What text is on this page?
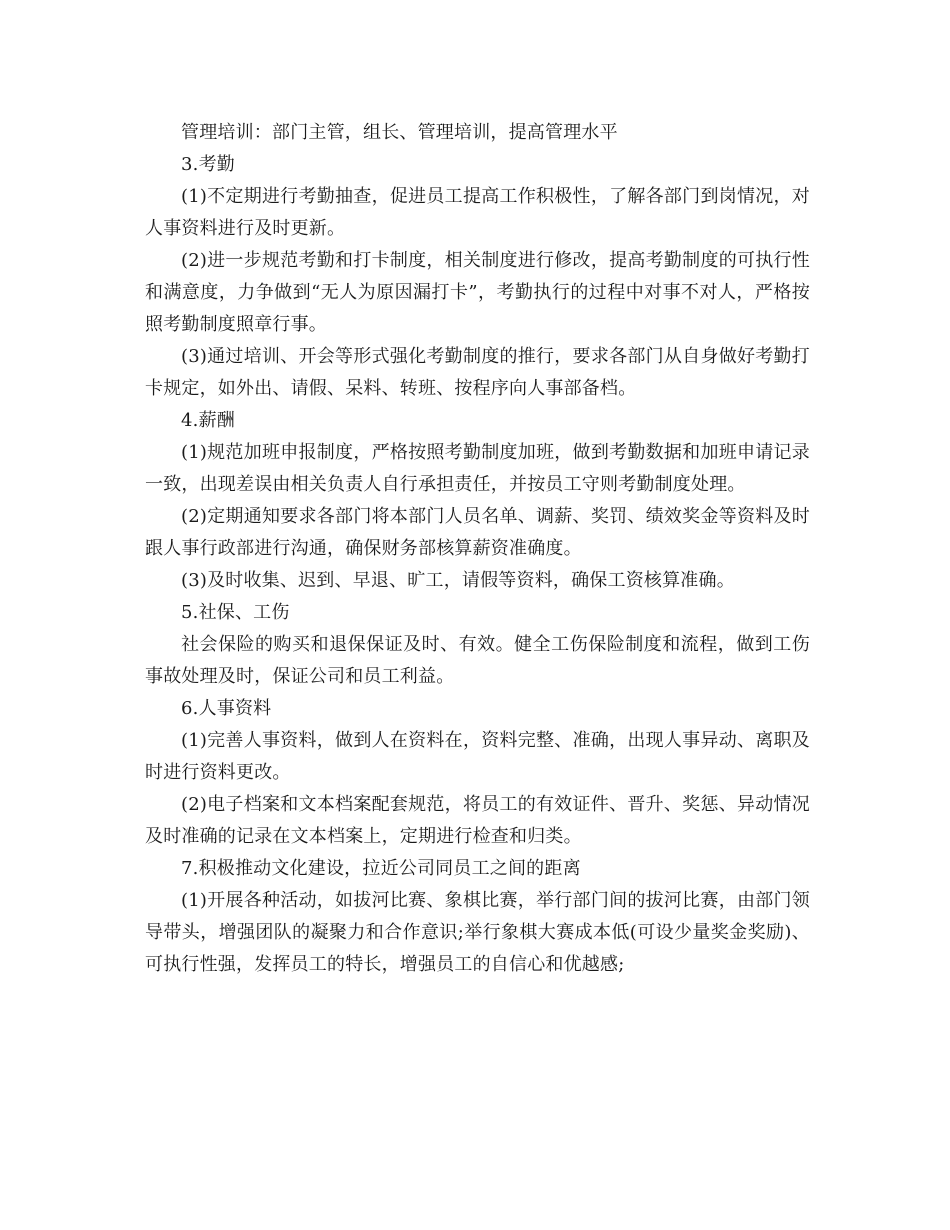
管理培训：部门主管，组长、管理培训，提高管理水平

3.考勤

(1)不定期进行考勤抽查，促进员工提高工作积极性，了解各部门到岗情况，对人事资料进行及时更新。

(2)进一步规范考勤和打卡制度，相关制度进行修改，提高考勤制度的可执行性和满意度，力争做到“无人为原因漏打卡”，考勤执行的过程中对事不对人，严格按照考勤制度照章行事。

(3)通过培训、开会等形式强化考勤制度的推行，要求各部门从自身做好考勤打卡规定，如外出、请假、呆料、转班、按程序向人事部备档。

4.薪酬

(1)规范加班申报制度，严格按照考勤制度加班，做到考勤数据和加班申请记录一致，出现差误由相关负责人自行承担责任，并按员工守则考勤制度处理。

(2)定期通知要求各部门将本部门人员名单、调薪、奖罚、绩效奖金等资料及时跟人事行政部进行沟通，确保财务部核算薪资准确度。

(3)及时收集、迟到、早退、旷工，请假等资料，确保工资核算准确。

5.社保、工伤

社会保险的购买和退保保证及时、有效。健全工伤保险制度和流程，做到工伤事故处理及时，保证公司和员工利益。

6.人事资料

(1)完善人事资料，做到人在资料在，资料完整、准确，出现人事异动、离职及时进行资料更改。

(2)电子档案和文本档案配套规范，将员工的有效证件、晋升、奖惩、异动情况及时准确的记录在文本档案上，定期进行检查和归类。

7.积极推动文化建设，拉近公司同员工之间的距离

(1)开展各种活动，如拔河比赛、象棋比赛，举行部门间的拔河比赛，由部门领导带头，增强团队的凝聚力和合作意识;举行象棋大赛成本低(可设少量奖金奖励)、可执行性强，发挥员工的特长，增强员工的自信心和优越感;
